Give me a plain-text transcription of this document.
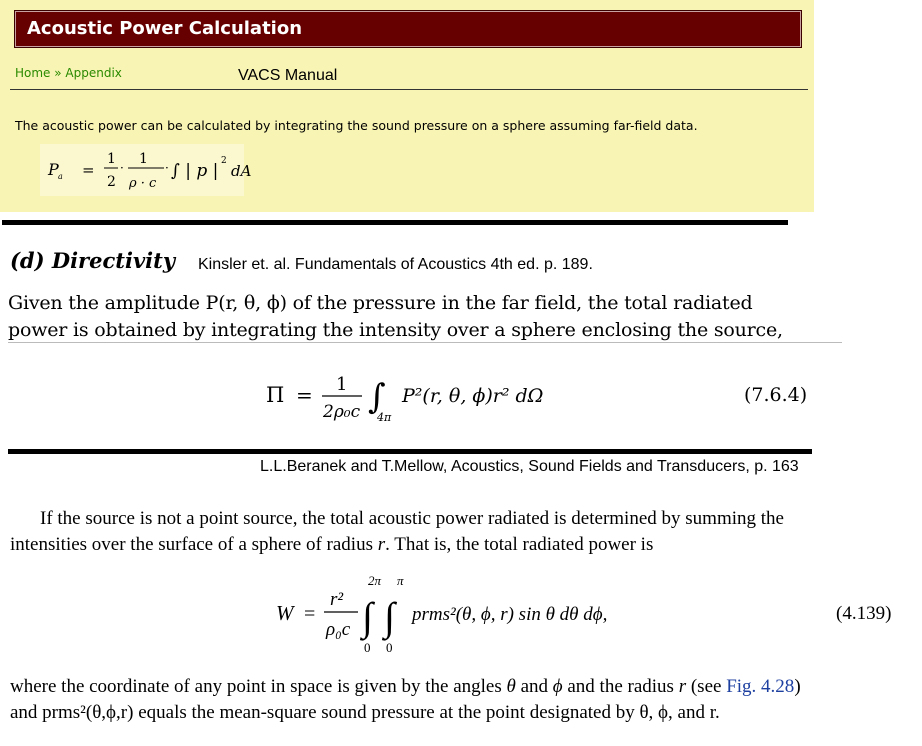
Acoustic Power Calculation
Home » Appendix	VACS Manual
The acoustic power can be calculated by integrating the sound pressure on a sphere assuming far-field data.
P a =
1
2
·
1
ρ · c
· ∫ | p | 2
dA
(d) Directivity Kinsler et. al. Fundamentals of Acoustics 4th ed. p. 189.
Given the amplitude P(r, θ, ϕ) of the pressure in the far field, the total radiated
power is obtained by integrating the intensity over a sphere enclosing the source,
Π = 1
2ρ₀c ∫
4π
P²(r, θ, ϕ)r² dΩ	(7.6.4)
L.L.Beranek and T.Mellow, Acoustics, Sound Fields and Transducers, p. 163
If the source is not a point source, the total acoustic power radiated is determined by summing the
intensities over the surface of a sphere of radius r. That is, the total radiated power is
W =
r²
ρ₀c
2π π
∫ ∫
0 0
prms²(θ, ϕ, r) sin θ dθ dϕ,	(4.139)
where the coordinate of any point in space is given by the angles θ and ϕ and the radius r (see Fig. 4.28)
and prms²(θ,ϕ,r) equals the mean-square sound pressure at the point designated by θ, ϕ, and r.
